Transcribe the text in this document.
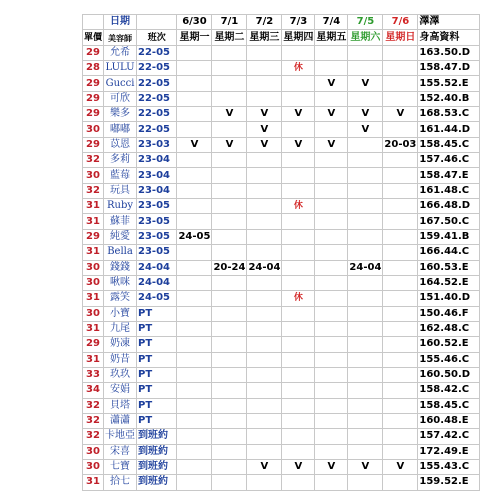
	日期		6/30	7/1	7/2	7/3	7/4	7/5	7/6	澤澤
單價	美容師	班次	星期一	星期二	星期三	星期四	星期五	星期六	星期日	身高資料
29	允希	22-05								163.50.D
28	LULU	22-05				休				158.47.D
29	Gucci	22-05					V	V		155.52.E
29	可欣	22-05								152.40.B
29	樂多	22-05		V	V	V	V	V	V	168.53.C
30	嘟嘟	22-05			V			V		161.44.D
29	苡恩	23-03	V	V	V	V	V		20-03	158.45.C
32	多莉	23-04								157.46.C
30	藍莓	23-04								158.47.E
32	玩具	23-04								161.48.C
31	Ruby	23-05				休				166.48.D
31	蘇菲	23-05								167.50.C
29	純愛	23-05	24-05							159.41.B
31	Bella	23-05								166.44.C
30	錢錢	24-04		20-24	24-04			24-04		160.53.E
30	啾咪	24-04								164.52.E
31	露笑	24-05				休				151.40.D
30	小寶	PT								150.46.F
31	九尾	PT								162.48.C
29	奶凍	PT								160.52.E
31	奶昔	PT								155.46.C
33	玖玖	PT								160.50.D
34	安娟	PT								158.42.C
32	貝塔	PT								158.45.C
32	瀟瀟	PT								160.48.E
32	卡地亞	到班約								157.42.C
30	宋喜	到班約								172.49.E
30	七寶	到班約			V	V	V	V	V	155.43.C
31	拾七	到班約								159.52.E
